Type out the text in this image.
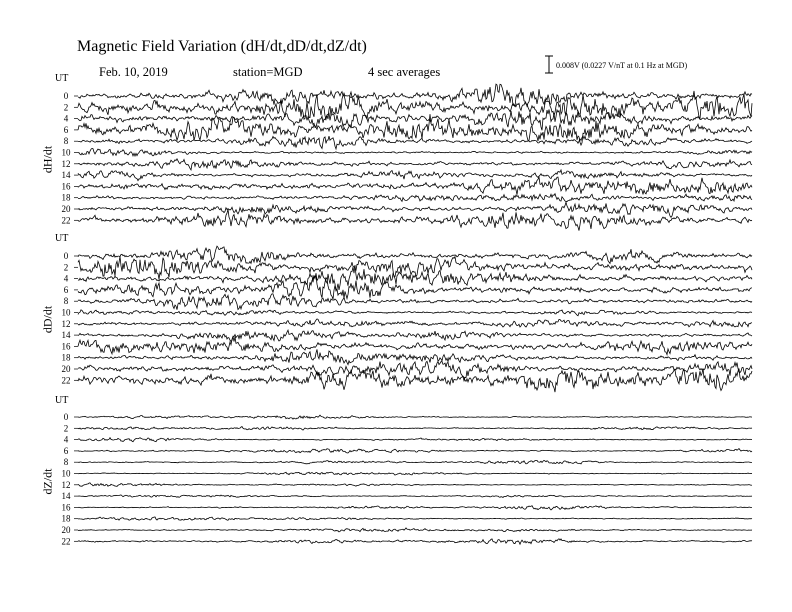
0
2
4
6
8
10
12
14
16
18
20
22
0
2
4
6
8
10
12
14
16
18
20
22
0
2
4
6
8
10
12
14
16
18
20
22
Magnetic Field Variation (dH/dt,dD/dt,dZ/dt)
Feb. 10, 2019	station=MGD	4 sec averages	0.008V (0.0227 V/nT at 0.1 Hz at MGD)
UT
UT
UT
dH/dt
dD/dt
dZ/dt
